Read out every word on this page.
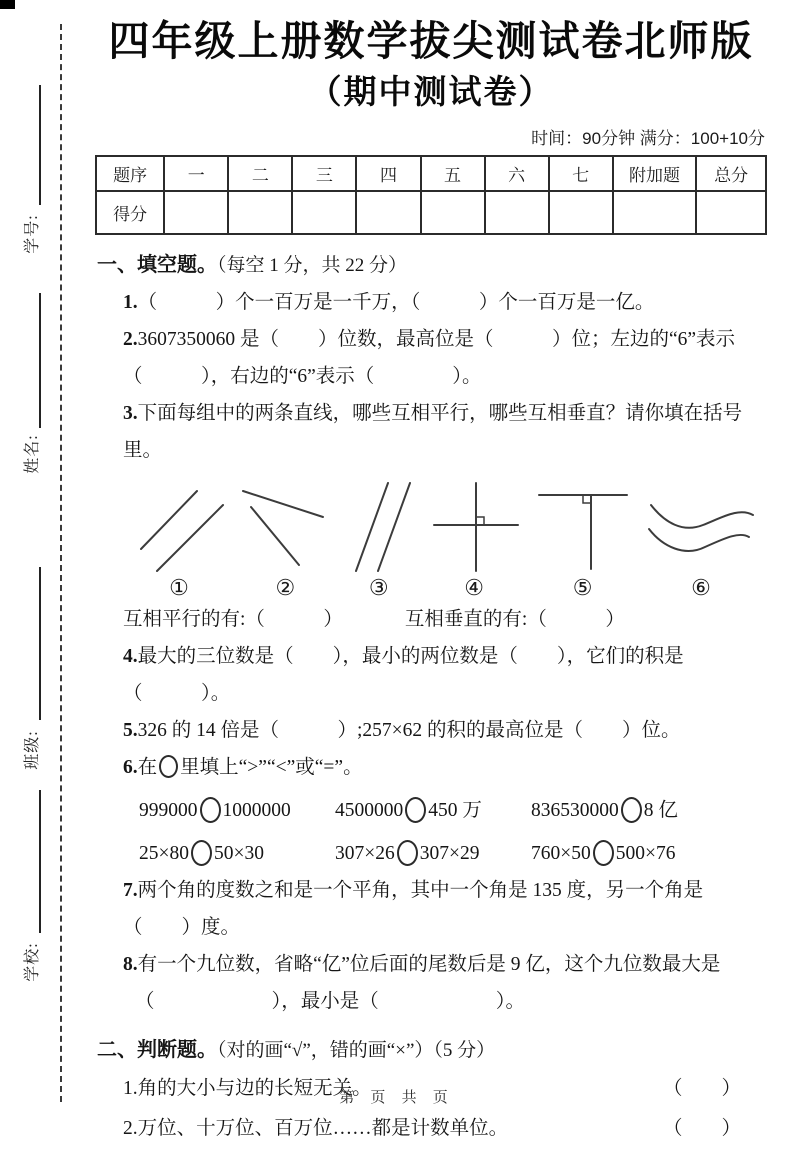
学号:
姓名:
班级:
学校:
四年级上册数学拔尖测试卷北师版
（期中测试卷）
时间：90分钟 满分：100+10分
题序	一	二	三	四	五	六	七	附加题	总分
得分									
一、填空题。（每空 1 分，共 22 分）
1.（　　　）个一百万是一千万，（　　　）个一百万是一亿。
2.3607350060 是（　　）位数，最高位是（　　　）位；左边的“6”表示（　　　），右边的“6”表示（　　　　）。
3.下面每组中的两条直线，哪些互相平行，哪些互相垂直？请你填在括号里。
①	②	③	④	⑤	⑥
互相平行的有:（　　　）	互相垂直的有:（　　　）
4.最大的三位数是（　　），最小的两位数是（　　），它们的积是（　　　）。
5.326 的 14 倍是（　　　）;257×62 的积的最高位是（　　）位。
6.在 里填上“>”“<”或“=”。
999000 1000000	4500000 450 万	836530000 8 亿
25×80 50×30	307×26 307×29	760×50 500×76
7.两个角的度数之和是一个平角，其中一个角是 135 度，另一个角是（　　）度。
8.有一个九位数，省略“亿”位后面的尾数后是 9 亿，这个九位数最大是
（　　　　　　），最小是（　　　　　　）。
二、判断题。（对的画“√”，错的画“×”）（5 分）
1.角的大小与边的长短无关。	（　　）
2.万位、十万位、百万位……都是计数单位。	（　　）
第 页 共 页
